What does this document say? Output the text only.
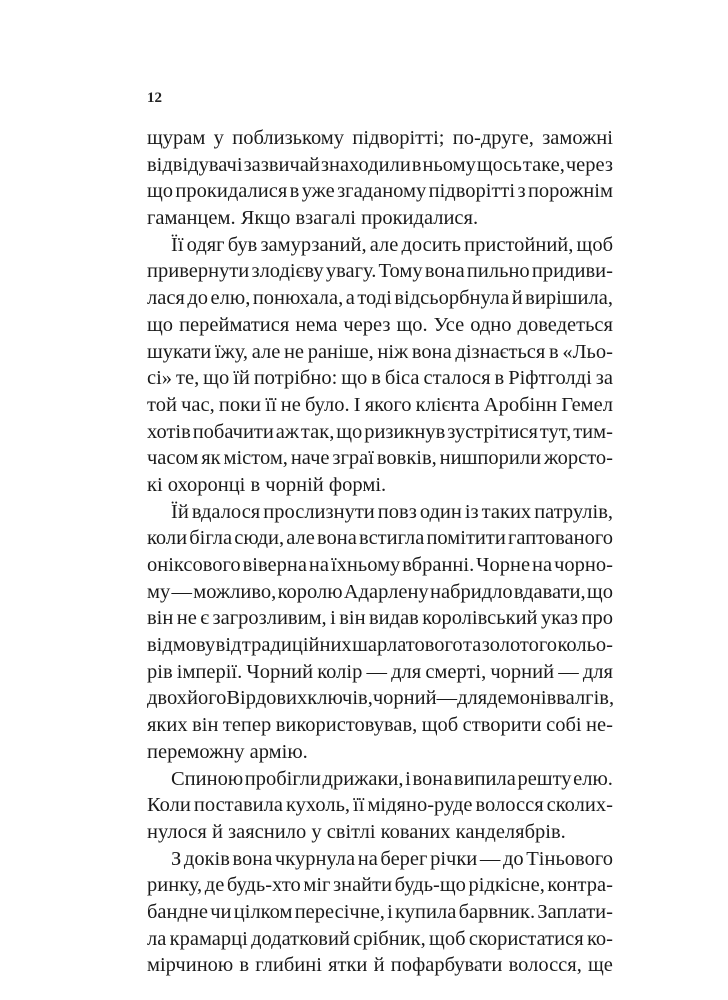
12
щурам у поблизькому підворітті; по-друге, заможні
відвідувачі зазвичай знаходили в ньому щось таке, через
що прокидалися в уже згаданому підворітті з порожнім
гаманцем. Якщо взагалі прокидалися.
Її одяг був замурзаний, але досить пристойний, щоб
привернути злодієву увагу. Тому вона пильно придиви-
лася до елю, понюхала, а тоді відсьорбнула й вирішила,
що перейматися нема через що. Усе одно доведеться
шукати їжу, але не раніше, ніж вона дізнається в «Льо-
сі» те, що їй потрібно: що в біса сталося в Ріфтголді за
той час, поки її не було. І якого клієнта Аробінн Гемел
хотів побачити аж так, що ризикнув зустрітися тут, тим-
часом як містом, наче зграї вовків, нишпорили жорсто-
кі охоронці в чорній формі.
Їй вдалося прослизнути повз один із таких патрулів,
коли бігла сюди, але вона встигла помітити гаптованого
оніксового віверна на їхньому вбранні. Чорне на чорно-
му — можливо, королю Адарлену набридло вдавати, що
він не є загрозливим, і він видав королівський указ про
відмову від традиційних шарлатового та золотого кольо-
рів імперії. Чорний колір — для смерті, чорний — для
двох його Вірдових ключів, чорний — для демонів валгів,
яких він тепер використовував, щоб створити собі не-
переможну армію.
Спиною пробігли дрижаки, і вона випила решту елю.
Коли поставила кухоль, її мідяно-руде волосся сколих-
нулося й заяснило у світлі кованих канделябрів.
З доків вона чкурнула на берег річки — до Тіньового
ринку, де будь-хто міг знайти будь-що рідкісне, контра-
бандне чи цілком пересічне, і купила барвник. Заплати-
ла крамарці додатковий срібник, щоб скористатися ко-
мірчиною в глибині ятки й пофарбувати волосся, ще
